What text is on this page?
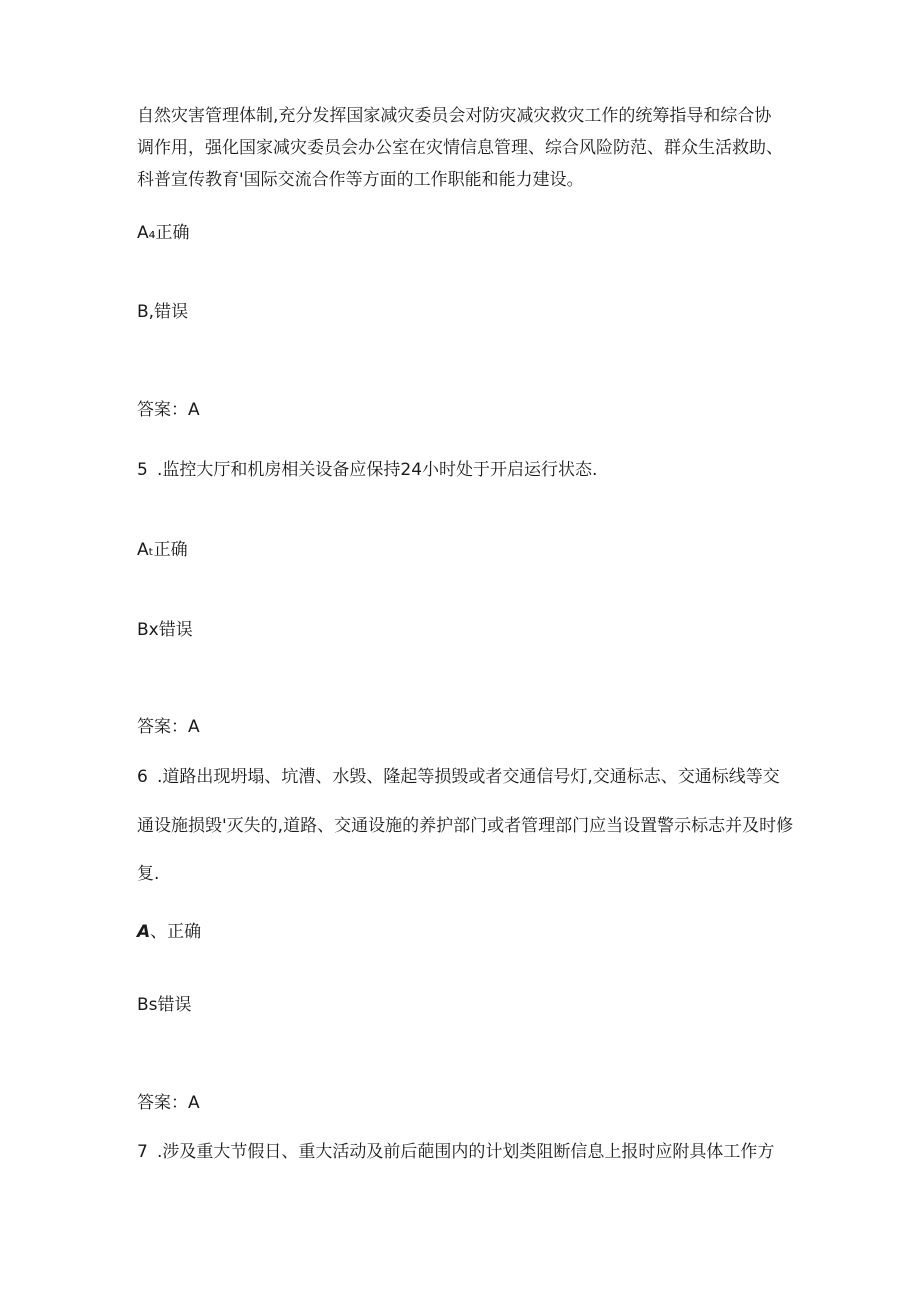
自然灾害管理体制,充分发挥国家减灾委员会对防灾减灾救灾工作的统筹指导和综合协
调作用，强化国家减灾委员会办公室在灾情信息管理、综合风险防范、群众生活救助、
科普宣传教育'国际交流合作等方面的工作职能和能力建设。
A₄正确
B,错误
答案：A
5 .监控大厅和机房相关设备应保持24小时处于开启运行状态.
Aₜ正确
Bx错误
答案：A
6 .道路出现坍塌、坑漕、水毁、隆起等损毁或者交通信号灯,交通标志、交通标线等交
通设施损毁'灭失的,道路、交通设施的养护部门或者管理部门应当设置警示标志并及时修
复.
A、正确
Bs错误
答案：A
7 .涉及重大节假日、重大活动及前后葩围内的计划类阻断信息上报时应附具体工作方
